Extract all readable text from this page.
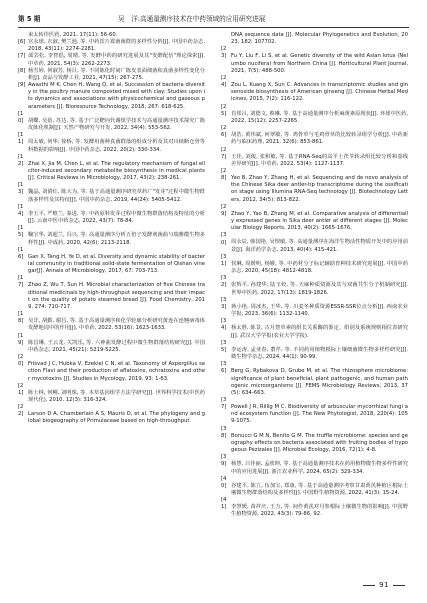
第 5 期	吴　洋:高通量测序技术在中药领域的应用研究进展

束太转佳医药, 2021, 17(11): 56-60.

[6] 宫永球, 衣淑, 樊兰池, 等. 中药饮片霉菌菌群的多样性分析[J]. 中国中药杂志, 2018, 43(11): 2274-2281.

[7] 邱芸松, 李智倡, 周晴, 等. 发酵中药的研究进展及其"发酵配伍"理论探索[J]. 中草药, 2021, 54(3): 2262-2273.

[8] 杨雪婷, 何淑芳, 杨吕, 等. 不同陈化时间广陈皮表面细菌和真菌多样性变化分析[J]. 食品与发酵工业, 2021, 47(15): 267-275.

[9] Awasthi M K, Chen H, Wang Q, et al. Succession of bacteria diversity in the poultry manure composted mixed with clay: Studies upon its dynamics and associations with physicochemical and gaseous parameters [J]. Bioresource Technology, 2018, 267: 618-625.

[10] 胡蝶, 吴蓓, 苏达, 等. 基于广泛靶向代谢组学技术与高通量测序技术探究广陈皮陈化机制[J]. 天然产物研究与开发, 2022, 34(4): 553-562.

[11] 周太敏, 何华, 徐桥, 等. 发酵用菌种真菌群落的组成分析及其对川续断仓骨等科数据的影响[J]. 中国中药杂志, 2022, 20(2): 330-334.

[12] Zhai X, Jia M, Chen L, et al. The regulatory mechanism of fungal elicitor-induced secondary metabolite biosynthesis in medical plants [J]. Critical Reviews in Microbiology, 2017, 43(2): 238-261.

[13] 魏晶, 刘倩红, 陈大为, 等. 基于高通量测序研究草药广"发芽"过程中微生物群落多样性及其特征[J]. 中国中药杂志, 2019, 44(24): 5405-5412.

[14] 李玉平, 严维兰, 秦进, 等. 中药原料发芽过程中微生物群落结构及特征的分析[J]. 云南中医中药杂志, 2022, 43(7): 78-84.

[15] 鞠宝华, 刘超兰, 冯兴, 等. 高通量测序分析五倍子发酵剂菌曲与瑞雅微生物多样性[J]. 中成药, 2020, 42(6): 2113-2118.

[16] Gan X, Tang H, Ye D, et al. Diversity and dynamic stability of bacterial community in traditional solid-state fermentation of Qishan vinegar[J]. Annals of Microbiology, 2017, 67: 703-713.

[17] Zhao Z, Wu T, Sun H. Microbial characterization of five Chinese traditional medicinals by high-throughput sequencing and their impact on the quality of potato steamed bread [J]. Food Chemistry, 2019, 274: 710-717.

[18] 吴洋, 胡勤, 谢昌, 等. 基于高通量测序和化学轮廓分析研究黄连在连翘病毒体发酵地周中的作用[J]. 中草药, 2022, 53(16): 1623-1633.

[19] 陈昌琳, 王云龙, 关凯乐, 等. 六神曲发酵过程中微生物群落结构研究[J]. 中国中药杂志, 2021, 45(21): 5219-5225.

[20] Frisvad J C, Hubka V, Ezekiel C N, et al. Taxonomy of Aspergillus section Flavi and their production of aflatoxins, ochratoxins and other mycotoxins [J]. Studies in Mycology, 2019, 93: 1-63.

[21] 陈士林, 何柳, 刘明珠, 等. 本草基因组学方法学研究[J]. 世界科学技术(中医药现代化), 2010, 12(3): 316-324.

[22] Larson D A, Chamberlain A S, Mauris O, et al. The phylogeny and global biogeography of Primulaceae based on high-throughput

DNA sequence data [J]. Molecular Phylogenetics and Evolution, 2023, 182: 107702.

[23] Fu Y, Liu F, Li S, et al. Genetic diversity of the wild Asian lotus (Nelumbo nucifera) from Northern China [J]. Horticultural Plant Journal, 2021, 7(5): 488-500.

[24] Zou L, Kuang X, Sun C. Advances in transcriptomic studies and ginsenoside biosynthesis of American ginseng [J]. Chinese Herbal Medicines, 2015, 7(2): 116-122.

[25] 肖邦吕, 刘德文, 蔡琳, 等. 基于高通量测序分析麻黄素原现状[J]. 环球中医药, 2022, 15(12): 2257-2265.

[26] 胡浩, 黄伟斌, 何翠敏, 等. 鸡骨草与毛鸡骨草的比较转录组学分析[J]. 中药新药与临床药理, 2021, 32(6): 853-861.

[27] 王佳, 刘俊, 张和敏, 等. 基于RNA-Seq的高平土茯苓转录组比较分析和基线差异研究[J]. 中草药, 2022, 53(4): 1127-1137.

[28] Yao B, Zhao Y, Zhang H, et al. Sequencing and de novo analysis of the Chinese Sika deer antler-tip transcriptome during the ossification stage using Illumina RNA-Seq technology [J]. Biotechnology Letters, 2012, 34(5): 813-822.

[29] Zhao Y, Yao B, Zhang M, et al. Comparative analysis of differentially expressed genes in Sika deer antler at different stages [J]. Molecular Biology Reports, 2013, 40(2): 1665-1676.

[30] 周永辰, 韩国艳, 吴理敏, 等. 高通量测序在海洋生物活性物质开发中的应用前景[J]. 海洋药学杂志, 2013, 40(4): 415-421.

[31] 侯琳, 周媛明, 杨嫚, 等. 中药材分子标记辅助育种技术研究进展[J]. 中国中药杂志, 2020, 45(18): 4812-4818.

[32] 张辉平, 孙建华, 陆玉姣, 等. 天麻种质资源及其与双菌共生分子机制研究[J]. 世界中医药, 2022, 17(13): 1819-1826.

[33] 蒋小艳, 周冰杰, 王华, 等. 川麦冬种质资源ESSR-SSR位点分析[J]. 西南农业学报, 2023, 36(6): 1132-1140.

[34] 杨太胜, 陈景, 古月智草素的组长关系酶的鉴定、组别及系统规则相位表研究[J]. 武汉大学学报(农业大学学报).

[35] 李运涛, 孟亚春, 董芹, 等. 不同药用植物根际土壤细菌微生物多样性研究[J]. 微生物学杂志, 2024, 44(1): 90-99.

[36] Berg G, Rybakova D, Grube M, et al. The rhizosphere microbiome: significance of plant beneficial, plant pathogenic, and human pathogenic microorganisms [J]. FEMS Microbiology Reviews, 2013, 37(5): 634-663.

[37] Powell J R, Rillig M C. Biodiversity of arbuscular mycorrhizal fungi and ecosystem function [J]. The New Phytologist, 2018, 220(4): 1059-1075.

[38] Bonucci G M N, Benito G M. The truffle microbiome: species and geography effects on bacteria associated with fruiting bodies of hypogeous Pezizales [J]. Microbial Ecology, 2016, 72(1): 4-8.

[39] 杨慧, 吕佳丽, 孟欣坤, 等. 基于高通量测序技术在药用植物微生物多样性研究中的应用进展[J]. 浙江农业科学, 2024, 65(2): 329-334.

[40] 谷建平, 陈立, 伍加宝, 郑康, 等. 基于高通量测序考察甘肃黄芪种植区根际土壤微生物群落结构及多样性[J]. 中国野生植物资源, 2022, 41(3): 15-24.

[41] 李慧媛, 苗祥庆, 王力, 等. 间作黄芪对丹参根际土壤微生物的影响[J]. 中国野生植物资源, 2022, 43(3): 79-86, 92.

91
